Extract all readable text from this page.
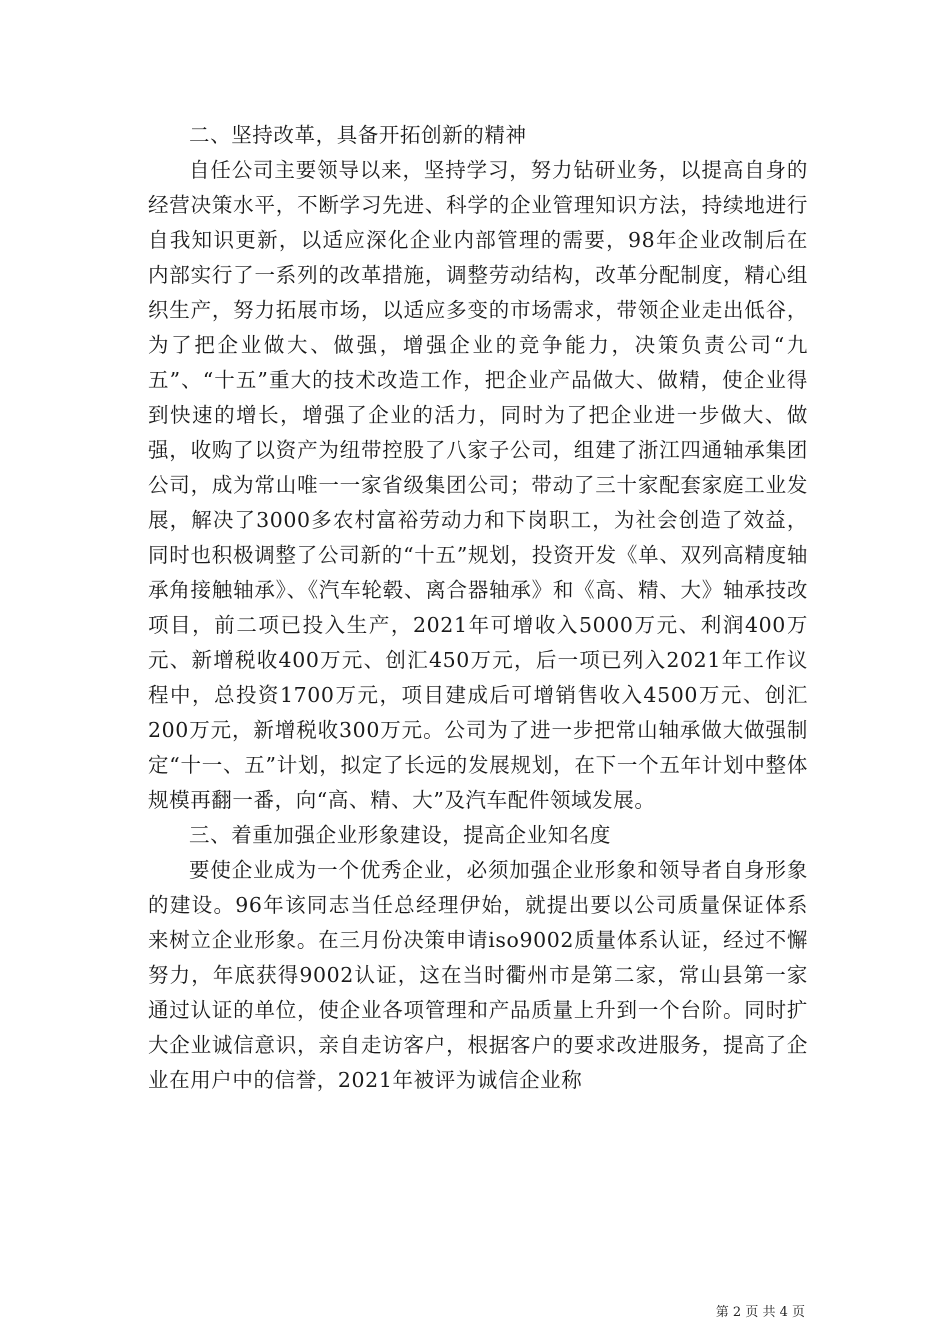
二、坚持改革，具备开拓创新的精神

自任公司主要领导以来，坚持学习，努力钻研业务，以提高自身的经营决策水平，不断学习先进、科学的企业管理知识方法，持续地进行自我知识更新，以适应深化企业内部管理的需要，98年企业改制后在内部实行了一系列的改革措施，调整劳动结构，改革分配制度，精心组织生产，努力拓展市场，以适应多变的市场需求，带领企业走出低谷，为了把企业做大、做强，增强企业的竞争能力，决策负责公司“九五”、“十五”重大的技术改造工作，把企业产品做大、做精，使企业得到快速的增长，增强了企业的活力，同时为了把企业进一步做大、做强，收购了以资产为纽带控股了八家子公司，组建了浙江四通轴承集团公司，成为常山唯一一家省级集团公司；带动了三十家配套家庭工业发展，解决了3000多农村富裕劳动力和下岗职工，为社会创造了效益，同时也积极调整了公司新的“十五”规划，投资开发《单、双列高精度轴承角接触轴承》、《汽车轮毂、离合器轴承》和《高、精、大》轴承技改项目，前二项已投入生产，2021年可增收入5000万元、利润400万元、新增税收400万元、创汇450万元，后一项已列入2021年工作议程中，总投资1700万元，项目建成后可增销售收入4500万元、创汇200万元，新增税收300万元。公司为了进一步把常山轴承做大做强制定“十一、五”计划，拟定了长远的发展规划，在下一个五年计划中整体规模再翻一番，向“高、精、大”及汽车配件领域发展。

三、着重加强企业形象建设，提高企业知名度

要使企业成为一个优秀企业，必须加强企业形象和领导者自身形象的建设。96年该同志当任总经理伊始，就提出要以公司质量保证体系来树立企业形象。在三月份决策申请iso9002质量体系认证，经过不懈努力，年底获得9002认证，这在当时衢州市是第二家，常山县第一家通过认证的单位，使企业各项管理和产品质量上升到一个台阶。同时扩大企业诚信意识，亲自走访客户，根据客户的要求改进服务，提高了企业在用户中的信誉，2021年被评为诚信企业称

第 2 页 共 4 页
